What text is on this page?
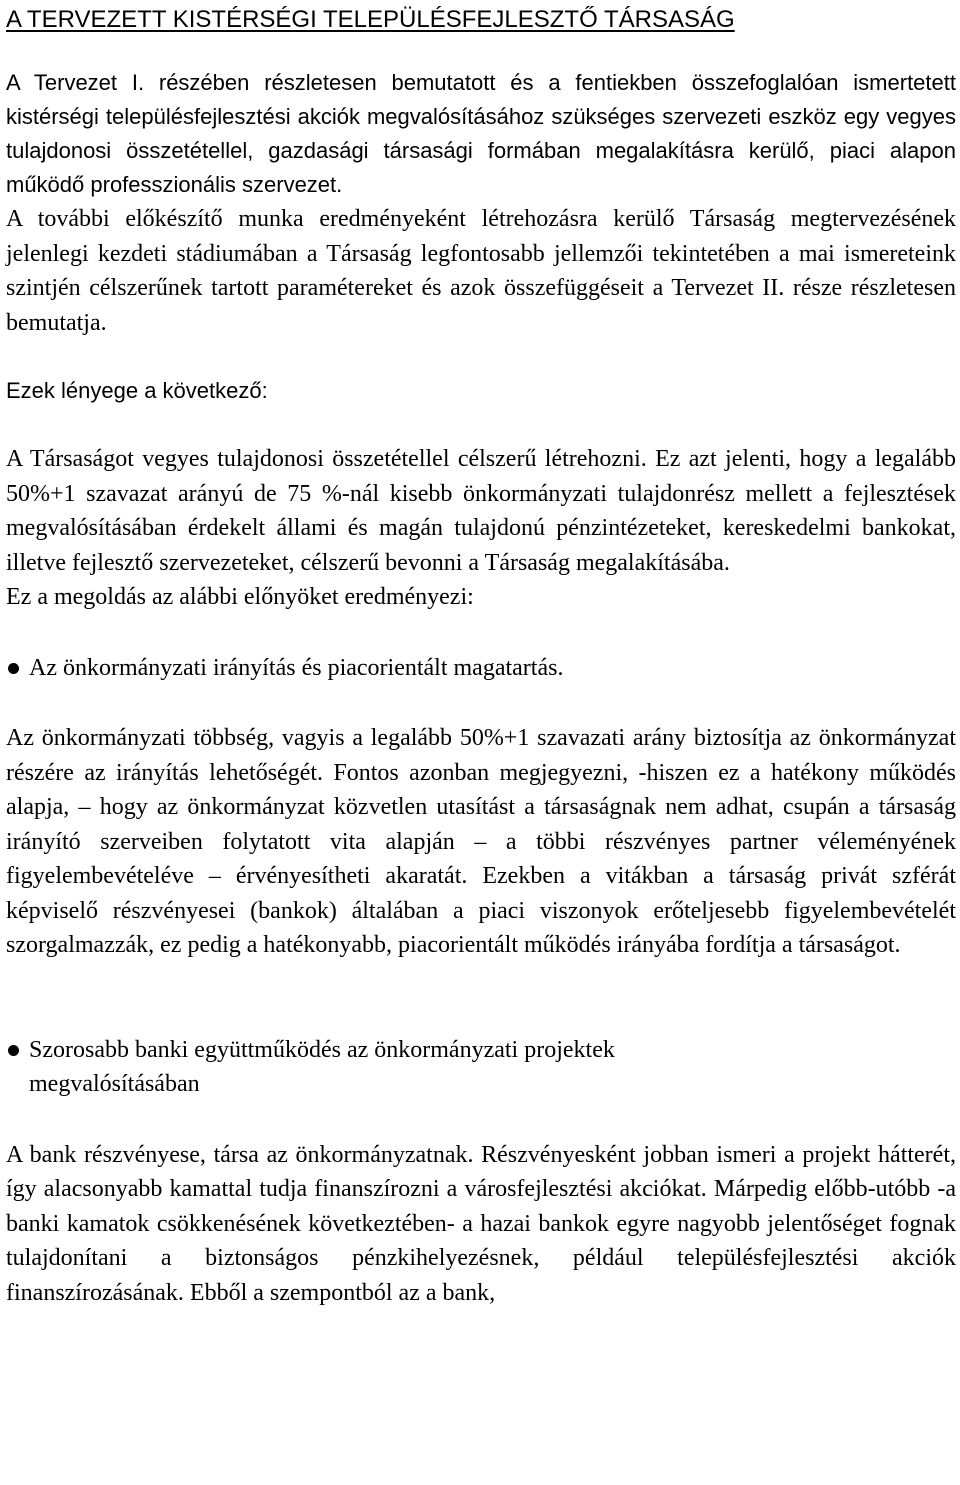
A TERVEZETT KISTÉRSÉGI TELEPÜLÉSFEJLESZTŐ TÁRSASÁG

A Tervezet I. részében részletesen bemutatott és a fentiekben összefoglalóan ismertetett kistérségi településfejlesztési akciók megvalósításához szükséges szervezeti eszköz egy vegyes tulajdonosi összetétellel, gazdasági társasági formában megalakításra kerülő, piaci alapon működő professzionális szervezet.

A további előkészítő munka eredményeként létrehozásra kerülő Társaság megtervezésének jelenlegi kezdeti stádiumában a Társaság legfontosabb jellemzői tekintetében a mai ismereteink szintjén célszerűnek tartott paramétereket és azok összefüggéseit a Tervezet II. része részletesen bemutatja.

Ezek lényege a következő:

A Társaságot vegyes tulajdonosi összetétellel célszerű létrehozni. Ez azt jelenti, hogy a legalább 50%+1 szavazat arányú de 75 %-nál kisebb önkormányzati tulajdonrész mellett a fejlesztések megvalósításában érdekelt állami és magán tulajdonú pénzintézeteket, kereskedelmi bankokat, illetve fejlesztő szervezeteket, célszerű bevonni a Társaság megalakításába.

Ez a megoldás az alábbi előnyöket eredményezi:

Az önkormányzati irányítás és piacorientált magatartás.

Az önkormányzati többség, vagyis a legalább 50%+1 szavazati arány biztosítja az önkormányzat részére az irányítás lehetőségét. Fontos azonban megjegyezni, -hiszen ez a hatékony működés alapja, – hogy az önkormányzat közvetlen utasítást a társaságnak nem adhat, csupán a társaság irányító szerveiben folytatott vita alapján – a többi részvényes partner véleményének figyelembevételéve – érvényesítheti akaratát. Ezekben a vitákban a társaság privát szférát képviselő részvényesei (bankok) általában a piaci viszonyok erőteljesebb figyelembevételét szorgalmazzák, ez pedig a hatékonyabb, piacorientált működés irányába fordítja a társaságot.

Szorosabb banki együttműködés az önkormányzati projektek megvalósításában

A bank részvényese, társa az önkormányzatnak. Részvényesként jobban ismeri a projekt hátterét, így alacsonyabb kamattal tudja finanszírozni a városfejlesztési akciókat. Márpedig előbb-utóbb -a banki kamatok csökkenésének következtében- a hazai bankok egyre nagyobb jelentőséget fognak tulajdonítani a biztonságos pénzkihelyezésnek, például településfejlesztési akciók finanszírozásának. Ebből a szempontból az a bank,
